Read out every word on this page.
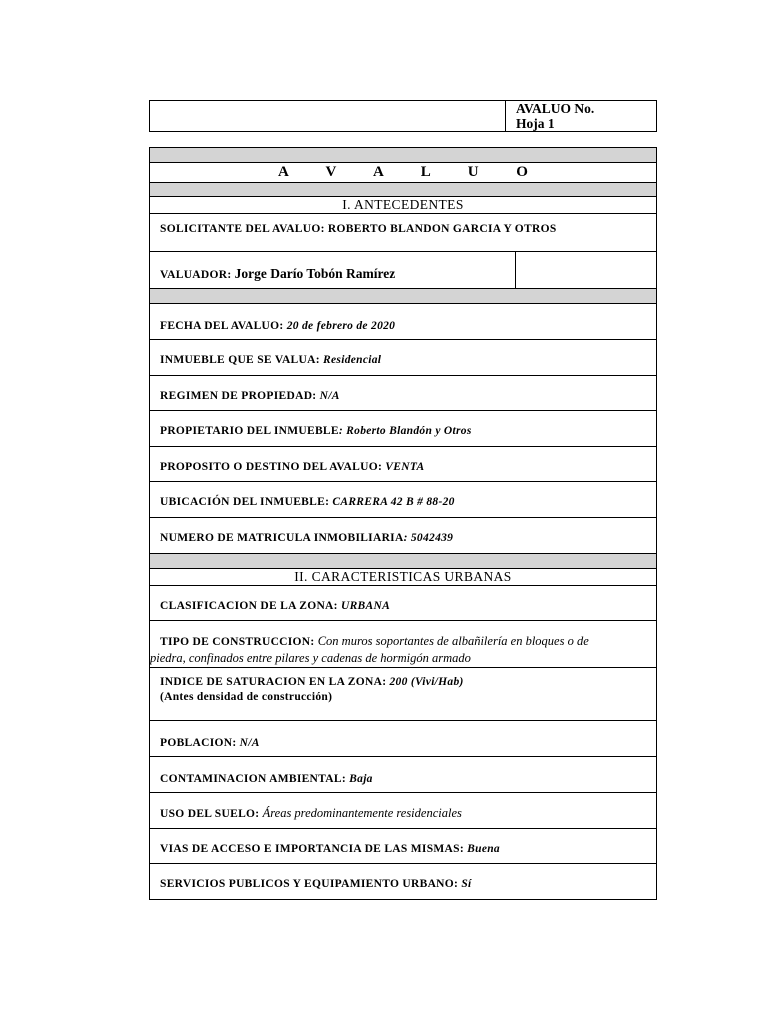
AVALUO No.
Hoja 1
A V A L U O
I. ANTECEDENTES
SOLICITANTE DEL AVALUO: ROBERTO BLANDON GARCIA Y OTROS
VALUADOR: Jorge Darío Tobón Ramírez
FECHA DEL AVALUO: 20 de febrero de 2020
INMUEBLE QUE SE VALUA: Residencial
REGIMEN DE PROPIEDAD: N/A
PROPIETARIO DEL INMUEBLE: Roberto Blandón y Otros
PROPOSITO O DESTINO DEL AVALUO: VENTA
UBICACIÓN DEL INMUEBLE: CARRERA 42 B # 88-20
NUMERO DE MATRICULA INMOBILIARIA: 5042439
II. CARACTERISTICAS URBANAS
CLASIFICACION DE LA ZONA: URBANA
TIPO DE CONSTRUCCION: Con muros soportantes de albañilería en bloques o de
piedra, confinados entre pilares y cadenas de hormigón armado
INDICE DE SATURACION EN LA ZONA: 200 (Vivi/Hab)
(Antes densidad de construcción)
POBLACION: N/A
CONTAMINACION AMBIENTAL: Baja
USO DEL SUELO: Áreas predominantemente residenciales
VIAS DE ACCESO E IMPORTANCIA DE LAS MISMAS: Buena
SERVICIOS PUBLICOS Y EQUIPAMIENTO URBANO: Sí
